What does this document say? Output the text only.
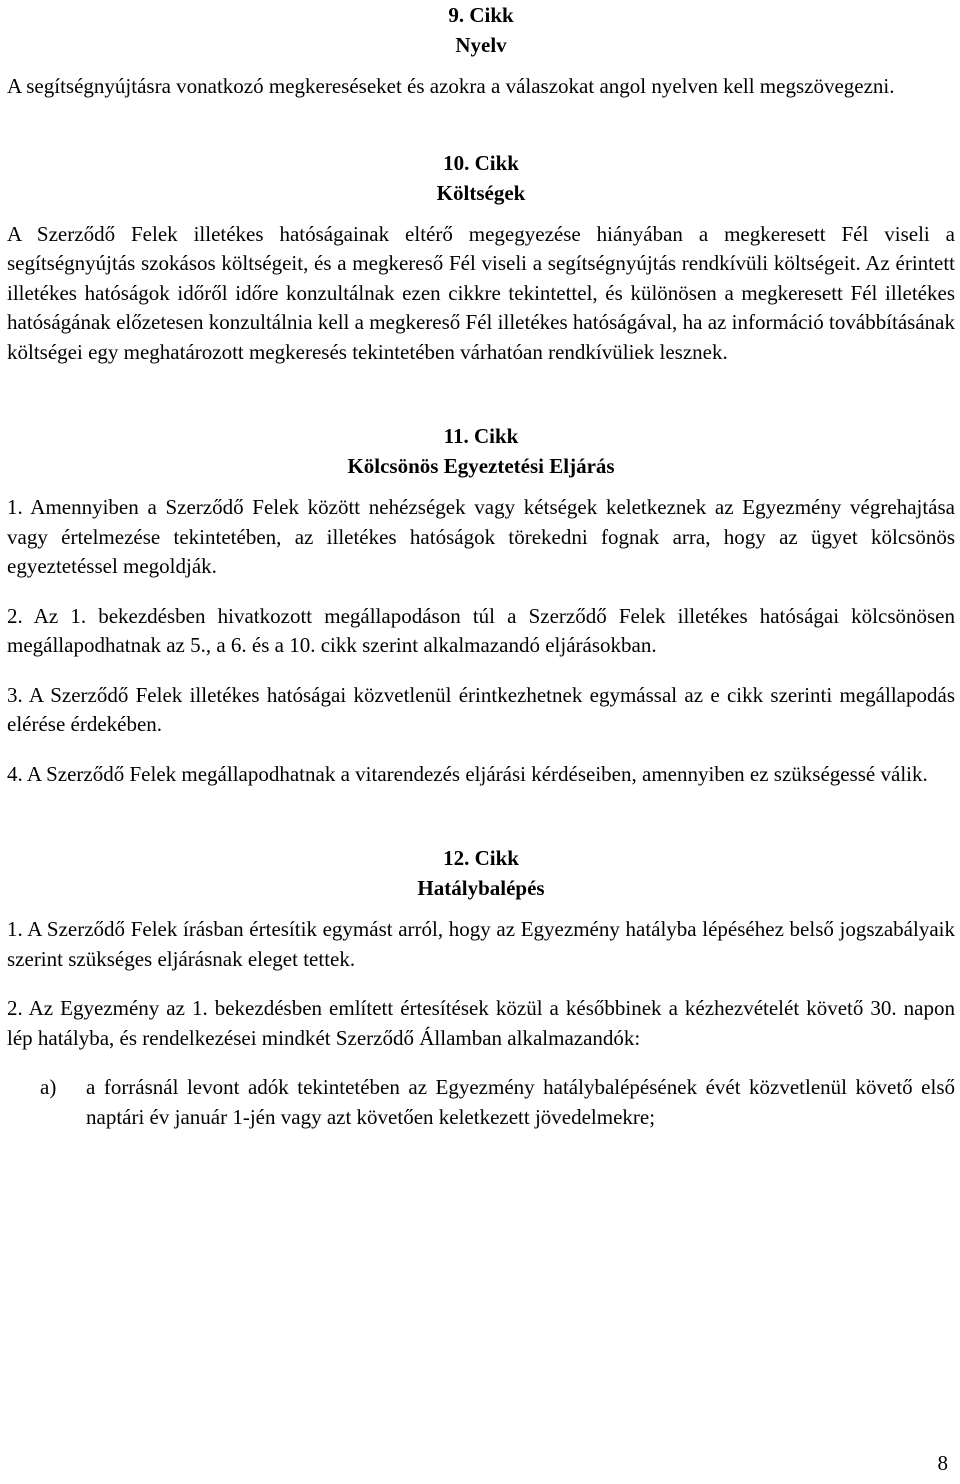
9. Cikk
Nyelv

A segítségnyújtásra vonatkozó megkereséseket és azokra a válaszokat angol nyelven kell megszövegezni.

10. Cikk
Költségek

A Szerződő Felek illetékes hatóságainak eltérő megegyezése hiányában a megkeresett Fél viseli a segítségnyújtás szokásos költségeit, és a megkereső Fél viseli a segítségnyújtás rendkívüli költségeit. Az érintett illetékes hatóságok időről időre konzultálnak ezen cikkre tekintettel, és különösen a megkeresett Fél illetékes hatóságának előzetesen konzultálnia kell a megkereső Fél illetékes hatóságával, ha az információ továbbításának költségei egy meghatározott megkeresés tekintetében várhatóan rendkívüliek lesznek.

11. Cikk
Kölcsönös Egyeztetési Eljárás

1. Amennyiben a Szerződő Felek között nehézségek vagy kétségek keletkeznek az Egyezmény végrehajtása vagy értelmezése tekintetében, az illetékes hatóságok törekedni fognak arra, hogy az ügyet kölcsönös egyeztetéssel megoldják.

2. Az 1. bekezdésben hivatkozott megállapodáson túl a Szerződő Felek illetékes hatóságai kölcsönösen megállapodhatnak az 5., a 6. és a 10. cikk szerint alkalmazandó eljárásokban.

3. A Szerződő Felek illetékes hatóságai közvetlenül érintkezhetnek egymással az e cikk szerinti megállapodás elérése érdekében.

4. A Szerződő Felek megállapodhatnak a vitarendezés eljárási kérdéseiben, amennyiben ez szükségessé válik.

12. Cikk
Hatálybalépés

1. A Szerződő Felek írásban értesítik egymást arról, hogy az Egyezmény hatályba lépéséhez belső jogszabályaik szerint szükséges eljárásnak eleget tettek.

2. Az Egyezmény az 1. bekezdésben említett értesítések közül a későbbinek a kézhezvételét követő 30. napon lép hatályba, és rendelkezései mindkét Szerződő Államban alkalmazandók:

a)	a forrásnál levont adók tekintetében az Egyezmény hatálybalépésének évét közvetlenül követő első naptári év január 1-jén vagy azt követően keletkezett jövedelmekre;
8
